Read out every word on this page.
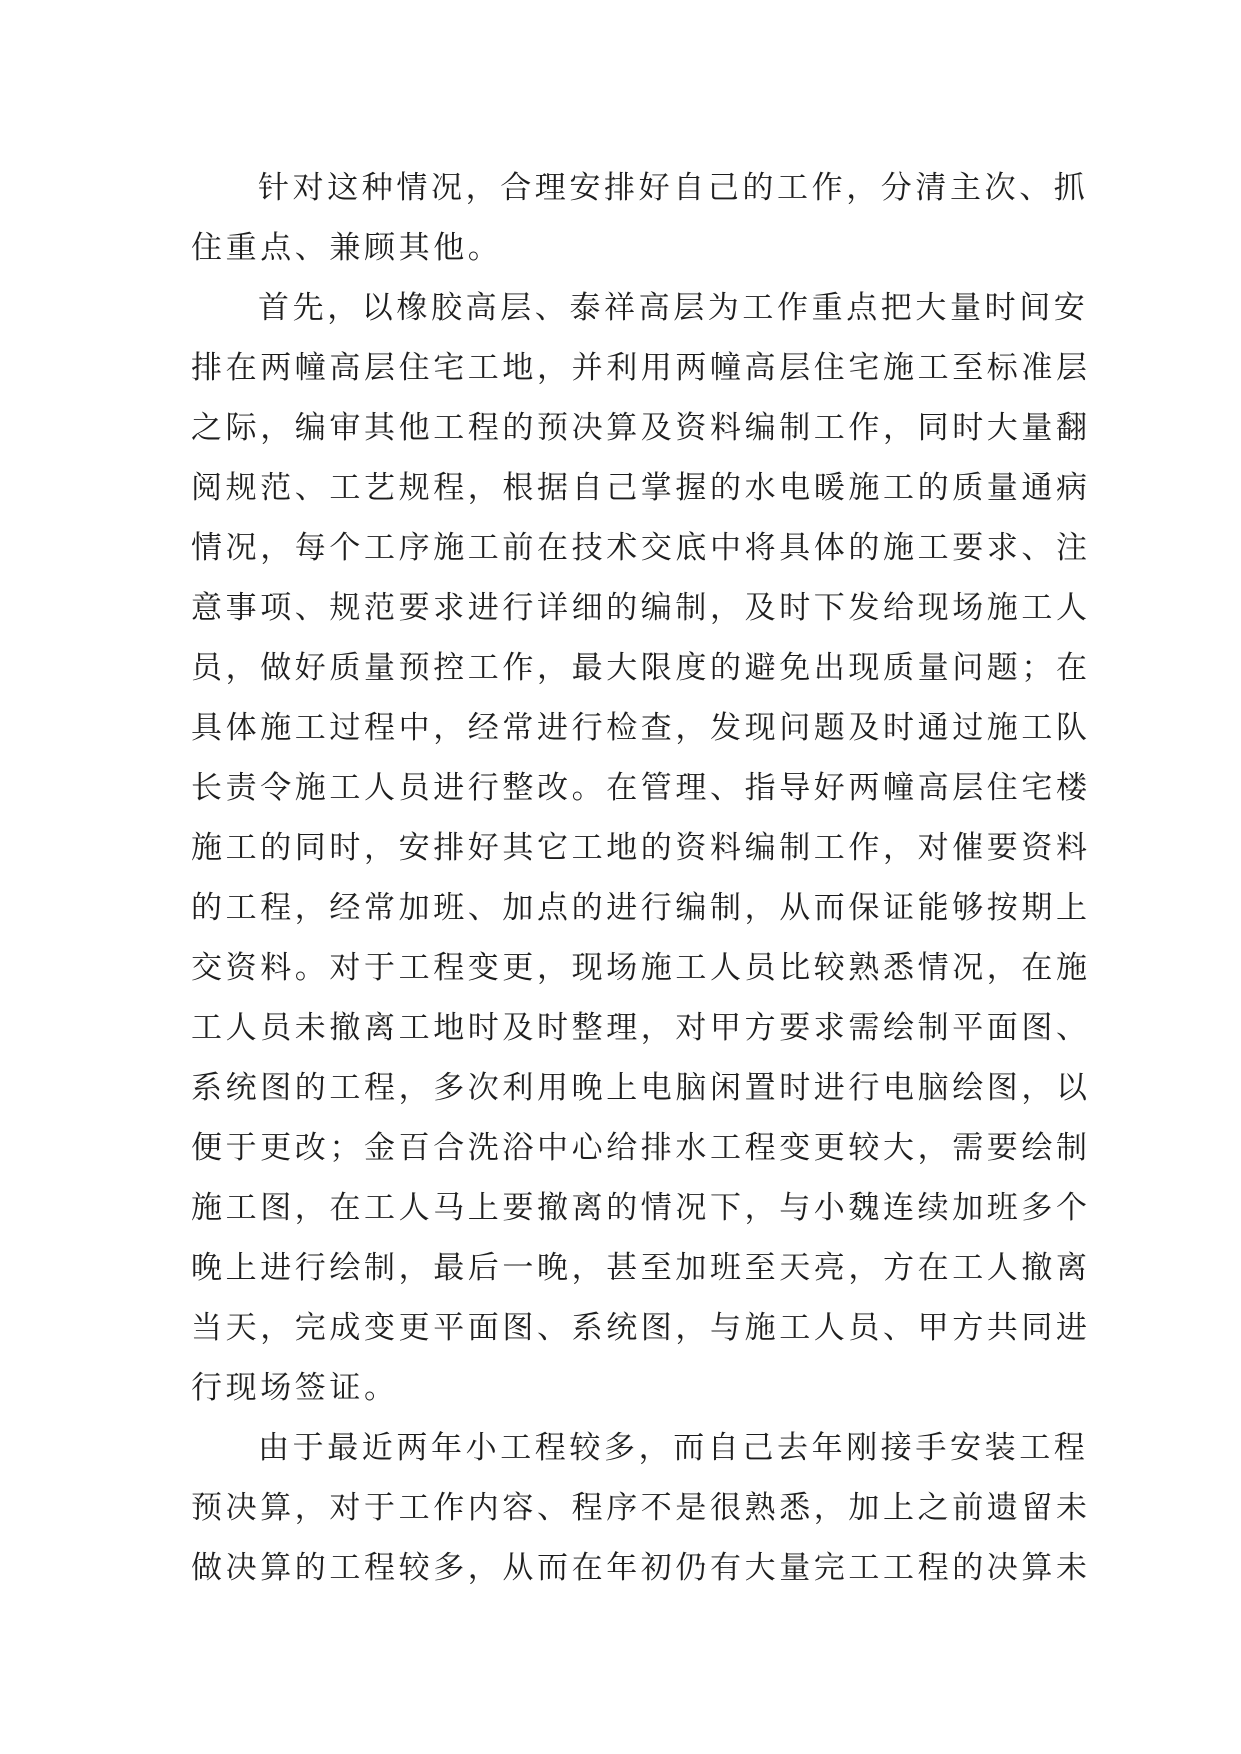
针对这种情况，合理安排好自己的工作，分清主次、抓
住重点、兼顾其他。
首先，以橡胶高层、泰祥高层为工作重点把大量时间安
排在两幢高层住宅工地，并利用两幢高层住宅施工至标准层
之际，编审其他工程的预决算及资料编制工作，同时大量翻
阅规范、工艺规程，根据自己掌握的水电暖施工的质量通病
情况，每个工序施工前在技术交底中将具体的施工要求、注
意事项、规范要求进行详细的编制，及时下发给现场施工人
员，做好质量预控工作，最大限度的避免出现质量问题；在
具体施工过程中，经常进行检查，发现问题及时通过施工队
长责令施工人员进行整改。在管理、指导好两幢高层住宅楼
施工的同时，安排好其它工地的资料编制工作，对催要资料
的工程，经常加班、加点的进行编制，从而保证能够按期上
交资料。对于工程变更，现场施工人员比较熟悉情况，在施
工人员未撤离工地时及时整理，对甲方要求需绘制平面图、
系统图的工程，多次利用晚上电脑闲置时进行电脑绘图，以
便于更改；金百合洗浴中心给排水工程变更较大，需要绘制
施工图，在工人马上要撤离的情况下，与小魏连续加班多个
晚上进行绘制，最后一晚，甚至加班至天亮，方在工人撤离
当天，完成变更平面图、系统图，与施工人员、甲方共同进
行现场签证。
由于最近两年小工程较多，而自己去年刚接手安装工程
预决算，对于工作内容、程序不是很熟悉，加上之前遗留未
做决算的工程较多，从而在年初仍有大量完工工程的决算未
